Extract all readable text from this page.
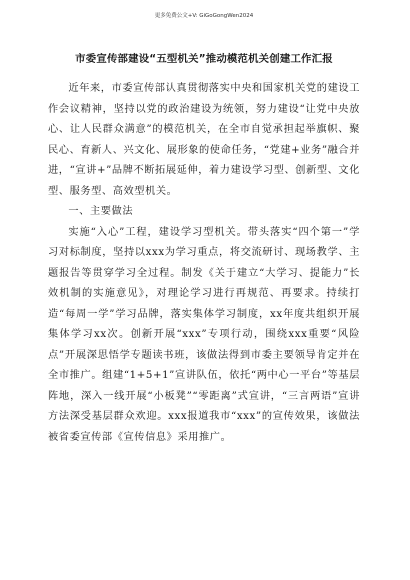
更多免费公文+V: GiGoGongWen2024
市委宣传部建设“五型机关”推动模范机关创建工作汇报

近年来，市委宣传部认真贯彻落实中央和国家机关党的建设工作会议精神，坚持以党的政治建设为统领，努力建设“让党中央放心、让人民群众满意”的模范机关，在全市自觉承担起举旗帜、聚民心、育新人、兴文化、展形象的使命任务，“党建+业务”融合并进，“宣讲+”品牌不断拓展延伸，着力建设学习型、创新型、文化型、服务型、高效型机关。

一、主要做法

实施“入心”工程，建设学习型机关。带头落实“四个第一”学习对标制度，坚持以xxx为学习重点，将交流研讨、现场教学、主题报告等贯穿学习全过程。制发《关于建立“大学习、提能力”长效机制的实施意见》，对理论学习进行再规范、再要求。持续打造“每周一学”学习品牌，落实集体学习制度，xx年度共组织开展集体学习xx次。创新开展“xxx”专项行动，围绕xxx重要“风险点”开展深思悟学专题读书班，该做法得到市委主要领导肯定并在全市推广。组建“1+5+1”宣讲队伍，依托“两中心一平台”等基层阵地，深入一线开展“小板凳”“零距离”式宣讲，“三言两语”宣讲方法深受基层群众欢迎。xxx报道我市“xxx”的宣传效果，该做法被省委宣传部《宣传信息》采用推广。
